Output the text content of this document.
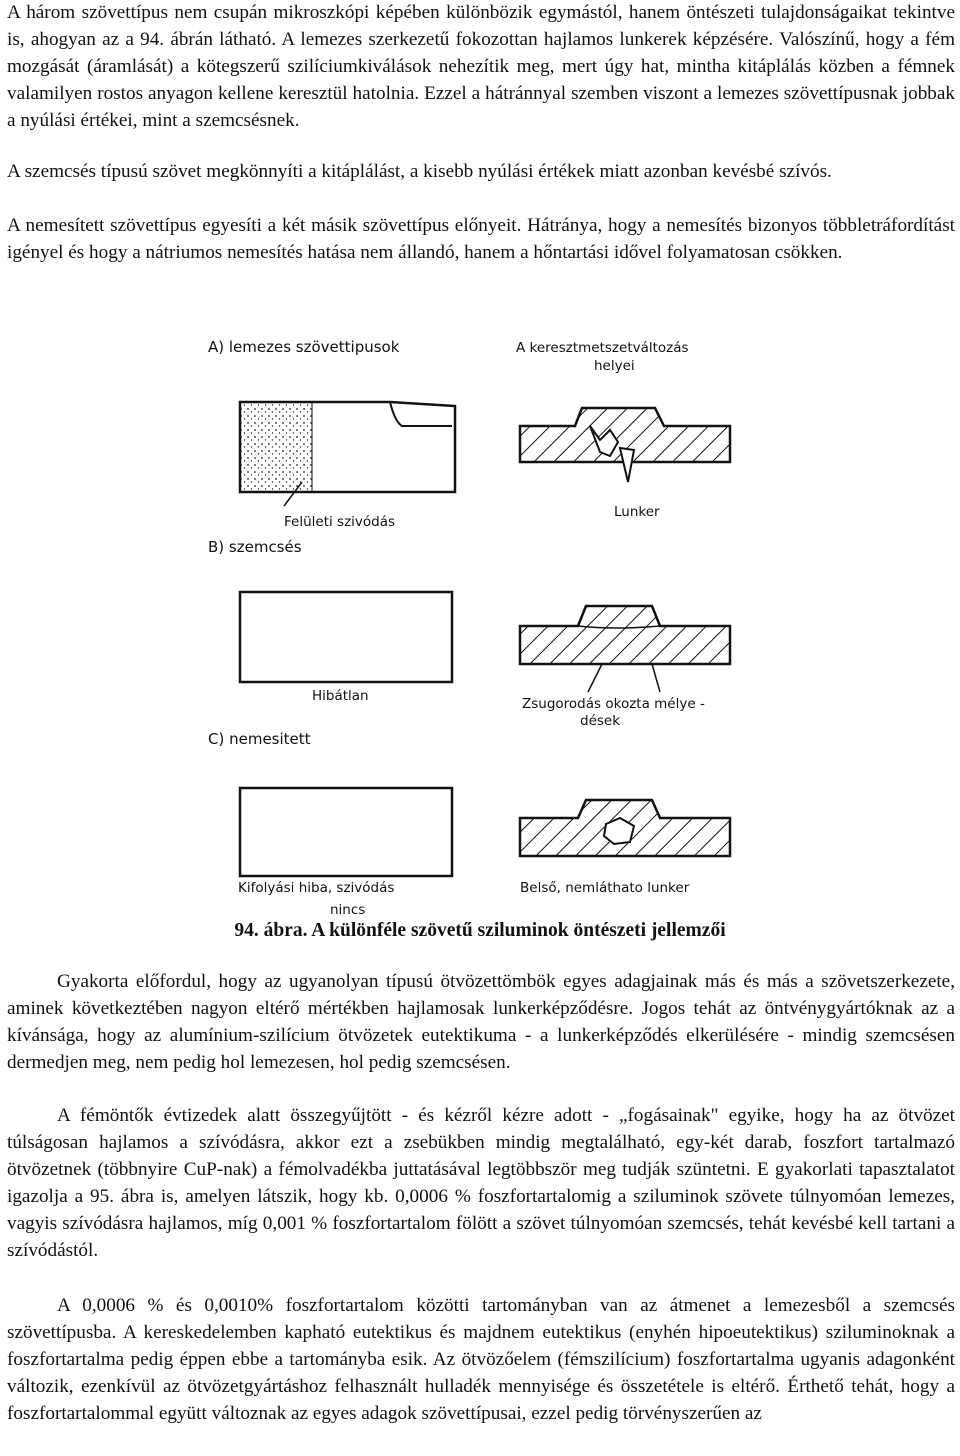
A három szövettípus nem csupán mikroszkópi képében különbözik egymástól, hanem öntészeti tulajdonságaikat tekintve is, ahogyan az a 94. ábrán látható. A lemezes szerkezetű fokozottan hajlamos lunkerek képzésére. Valószínű, hogy a fém mozgását (áramlását) a kötegszerű szilíciumkiválások nehezítik meg, mert úgy hat, mintha kitáplálás közben a fémnek valamilyen rostos anyagon kellene keresztül hatolnia. Ezzel a hátránnyal szemben viszont a lemezes szövettípusnak jobbak a nyúlási értékei, mint a szemcsésnek.

A szemcsés típusú szövet megkönnyíti a kitáplálást, a kisebb nyúlási értékek miatt azonban kevésbé szívós.

A nemesített szövettípus egyesíti a két másik szövettípus előnyeit. Hátránya, hogy a nemesítés bizonyos többletráfordítást igényel és hogy a nátriumos nemesítés hatása nem állandó, hanem a hőntartási idővel folyamatosan csökken.

A) lemezes szövettipusok	A keresztmetszetváltozás
helyei
Felületi szivódás
Lunker
B) szemcsés
Hibátlan	Zsugorodás okozta mélye -
dések
C) nemesitett
Kifolyási hiba, szivódás
nincs
Belső, nemláthato lunker
94. ábra. A különféle szövetű sziluminok öntészeti jellemzői

Gyakorta előfordul, hogy az ugyanolyan típusú ötvözettömbök egyes adagjainak más és más a szövetszerkezete, aminek következtében nagyon eltérő mértékben hajlamosak lunkerképződésre. Jogos tehát az öntvénygyártóknak az a kívánsága, hogy az alumínium-szilícium ötvözetek eutektikuma - a lunkerképződés elkerülésére - mindig szemcsésen dermedjen meg, nem pedig hol lemezesen, hol pedig szemcsésen.

A fémöntők évtizedek alatt összegyűjtött - és kézről kézre adott - „fogásainak" egyike, hogy ha az ötvözet túlságosan hajlamos a szívódásra, akkor ezt a zsebükben mindig megtalálható, egy-két darab, foszfort tartalmazó ötvözetnek (többnyire CuP-nak) a fémolvadékba juttatásával legtöbbször meg tudják szüntetni. E gyakorlati tapasztalatot igazolja a 95. ábra is, amelyen látszik, hogy kb. 0,0006 % foszfortartalomig a sziluminok szövete túlnyomóan lemezes, vagyis szívódásra hajlamos, míg 0,001 % foszfortartalom fölött a szövet túlnyomóan szemcsés, tehát kevésbé kell tartani a szívódástól.

A 0,0006 % és 0,0010% foszfortartalom közötti tartományban van az átmenet a lemezesből a szemcsés szövettípusba. A kereskedelemben kapható eutektikus és majdnem eutektikus (enyhén hipoeutektikus) sziluminoknak a foszfortartalma pedig éppen ebbe a tartományba esik. Az ötvözőelem (fémszilícium) foszfortartalma ugyanis adagonként változik, ezenkívül az ötvözetgyártáshoz felhasznált hulladék mennyisége és összetétele is eltérő. Érthető tehát, hogy a foszfortartalommal együtt változnak az egyes adagok szövettípusai, ezzel pedig törvényszerűen az
